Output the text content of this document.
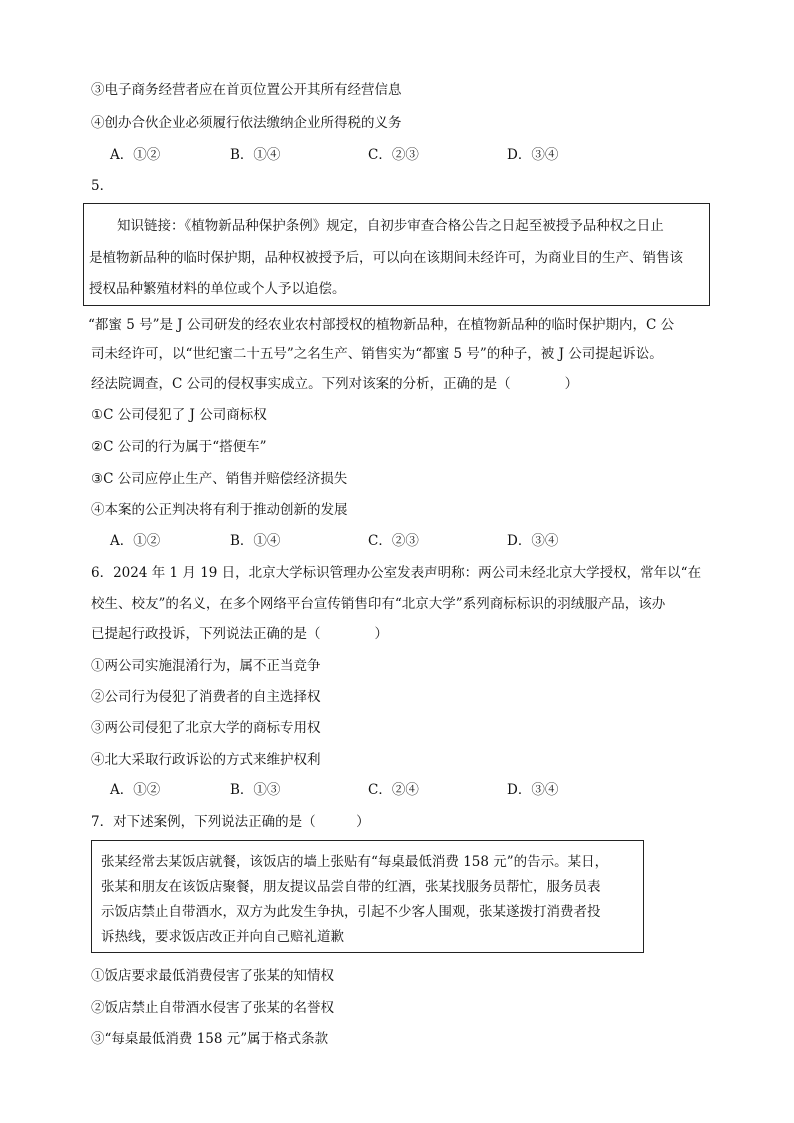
③电子商务经营者应在首页位置公开其所有经营信息
④创办合伙企业必须履行依法缴纳企业所得税的义务
A．①②	B．①④	C．②③	D．③④
5．
知识链接：《植物新品种保护条例》规定，自初步审查合格公告之日起至被授予品种权之日止
是植物新品种的临时保护期，品种权被授予后，可以向在该期间未经许可，为商业目的生产、销售该
授权品种繁殖材料的单位或个人予以追偿。
“都蜜 5 号”是 J 公司研发的经农业农村部授权的植物新品种，在植物新品种的临时保护期内，C 公
司未经许可，以“世纪蜜二十五号”之名生产、销售实为“都蜜 5 号”的种子，被 J 公司提起诉讼。
经法院调查，C 公司的侵权事实成立。下列对该案的分析，正确的是（　　　　）
①C 公司侵犯了 J 公司商标权
②C 公司的行为属于“搭便车”
③C 公司应停止生产、销售并赔偿经济损失
④本案的公正判决将有利于推动创新的发展
A．①②	B．①④	C．②③	D．③④
6．2024 年 1 月 19 日，北京大学标识管理办公室发表声明称：两公司未经北京大学授权，常年以“在
校生、校友”的名义，在多个网络平台宣传销售印有“北京大学”系列商标标识的羽绒服产品，该办
已提起行政投诉，下列说法正确的是（　　　　）
①两公司实施混淆行为，属不正当竞争
②公司行为侵犯了消费者的自主选择权
③两公司侵犯了北京大学的商标专用权
④北大采取行政诉讼的方式来维护权利
A．①②	B．①③	C．②④	D．③④
7．对下述案例，下列说法正确的是（　　　）
张某经常去某饭店就餐，该饭店的墙上张贴有“每桌最低消费 158 元”的告示。某日，
张某和朋友在该饭店聚餐，朋友提议品尝自带的红酒，张某找服务员帮忙，服务员表
示饭店禁止自带酒水，双方为此发生争执，引起不少客人围观，张某遂拨打消费者投
诉热线，要求饭店改正并向自己赔礼道歉
①饭店要求最低消费侵害了张某的知情权
②饭店禁止自带酒水侵害了张某的名誉权
③“每桌最低消费 158 元”属于格式条款
